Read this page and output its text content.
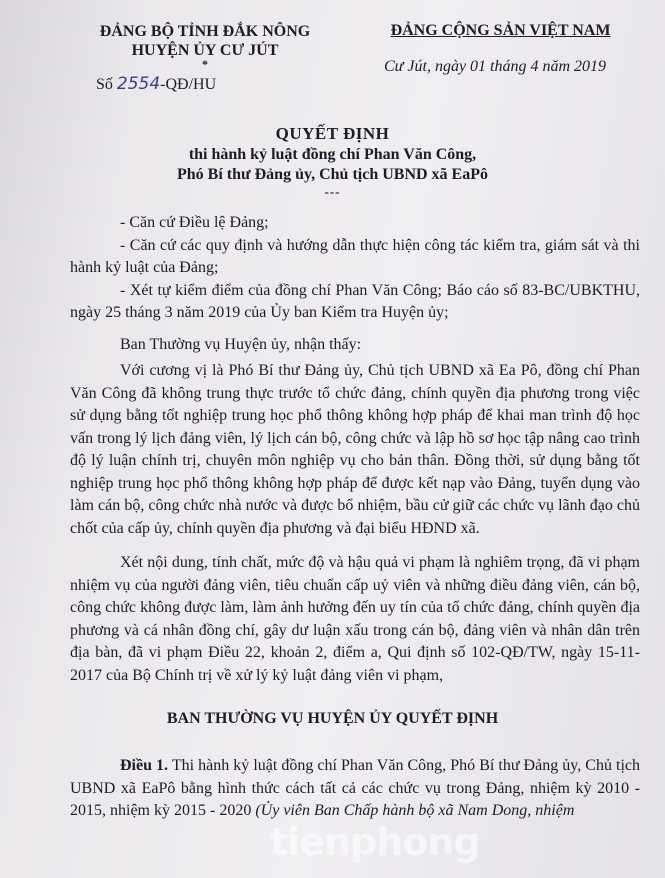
ĐẢNG BỘ TỈNH ĐẮK NÔNG
HUYỆN ỦY CƯ JÚT
*
Số 2554-QĐ/HU
ĐẢNG CỘNG SẢN VIỆT NAM
Cư Jút, ngày 01 tháng 4 năm 2019
QUYẾT ĐỊNH
thi hành kỷ luật đồng chí Phan Văn Công,
Phó Bí thư Đảng ủy, Chủ tịch UBND xã EaPô
---

- Căn cứ Điều lệ Đảng;

- Căn cứ các quy định và hướng dẫn thực hiện công tác kiểm tra, giám sát và thi hành kỷ luật của Đảng;

- Xét tự kiểm điểm của đồng chí Phan Văn Công; Báo cáo số 83-BC/UBKTHU, ngày 25 tháng 3 năm 2019 của Ủy ban Kiểm tra Huyện ủy;

Ban Thường vụ Huyện ủy, nhận thấy:

Với cương vị là Phó Bí thư Đảng ủy, Chủ tịch UBND xã Ea Pô, đồng chí Phan Văn Công đã không trung thực trước tổ chức đảng, chính quyền địa phương trong việc sử dụng bằng tốt nghiệp trung học phổ thông không hợp pháp để khai man trình độ học vấn trong lý lịch đảng viên, lý lịch cán bộ, công chức và lập hồ sơ học tập nâng cao trình độ lý luận chính trị, chuyên môn nghiệp vụ cho bản thân. Đồng thời, sử dụng bằng tốt nghiệp trung học phổ thông không hợp pháp để được kết nạp vào Đảng, tuyển dụng vào làm cán bộ, công chức nhà nước và được bổ nhiệm, bầu cử giữ các chức vụ lãnh đạo chủ chốt của cấp ủy, chính quyền địa phương và đại biểu HĐND xã.

Xét nội dung, tính chất, mức độ và hậu quả vi phạm là nghiêm trọng, đã vi phạm nhiệm vụ của người đảng viên, tiêu chuẩn cấp uỷ viên và những điều đảng viên, cán bộ, công chức không được làm, làm ảnh hưởng đến uy tín của tổ chức đảng, chính quyền địa phương và cá nhân đồng chí, gây dư luận xấu trong cán bộ, đảng viên và nhân dân trên địa bàn, đã vi phạm Điều 22, khoản 2, điểm a, Qui định số 102-QĐ/TW, ngày 15-11-2017 của Bộ Chính trị về xử lý kỷ luật đảng viên vi phạm,

BAN THƯỜNG VỤ HUYỆN ỦY QUYẾT ĐỊNH
Điều 1. Thi hành kỷ luật đồng chí Phan Văn Công, Phó Bí thư Đảng ủy, Chủ tịch UBND xã EaPô bằng hình thức cách tất cả các chức vụ trong Đảng, nhiệm kỳ 2010 - 2015, nhiệm kỳ 2015 - 2020 (Ủy viên Ban Chấp hành bộ xã Nam Dong, nhiệm
tienphong
